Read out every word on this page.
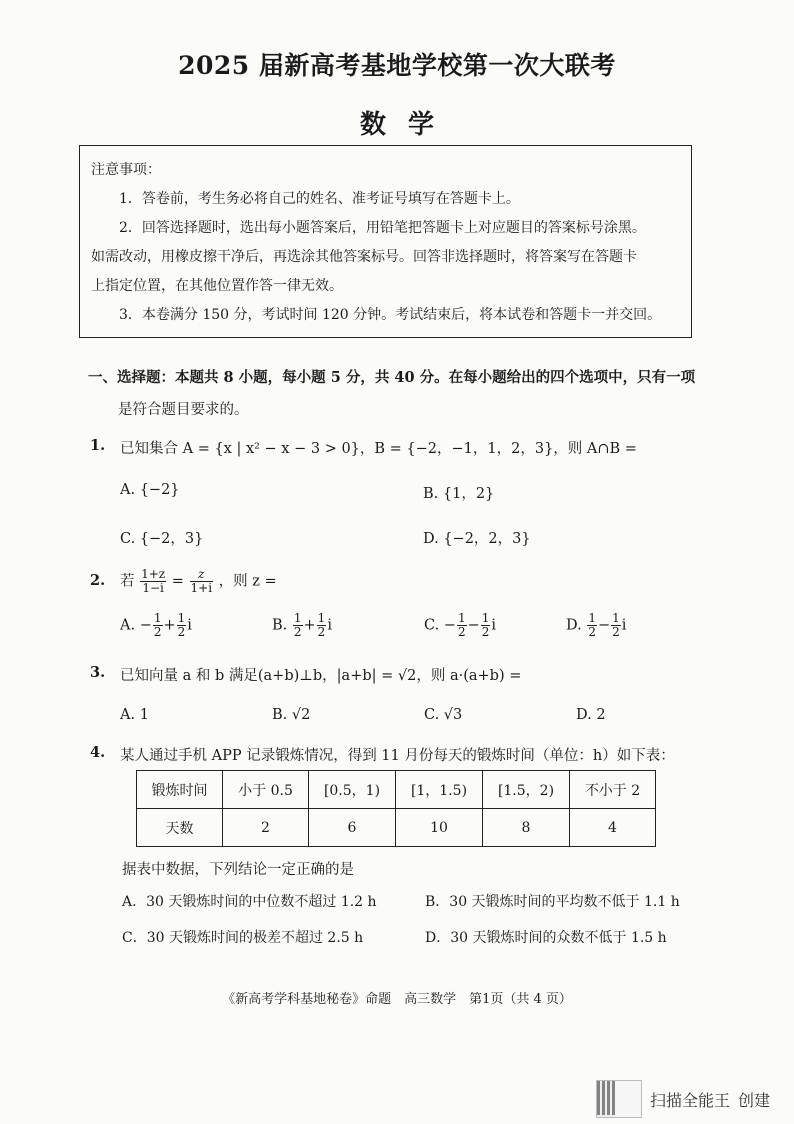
2025 届新高考基地学校第一次大联考
数学

注意事项：

1．答卷前，考生务必将自己的姓名、准考证号填写在答题卡上。

2．回答选择题时，选出每小题答案后，用铅笔把答题卡上对应题目的答案标号涂黑。

如需改动，用橡皮擦干净后，再选涂其他答案标号。回答非选择题时，将答案写在答题卡

上指定位置，在其他位置作答一律无效。

3．本卷满分 150 分，考试时间 120 分钟。考试结束后，将本试卷和答题卡一并交回。

一、选择题：本题共 8 小题，每小题 5 分，共 40 分。在每小题给出的四个选项中，只有一项
是符合题目要求的。
1. 已知集合 A = {x | x² − x − 3 > 0}，B = {−2，−1，1，2，3}，则 A∩B =
A. {−2}	B. {1，2}
C. {−2，3}	D. {−2，2，3}
2. 若 $\frac{1+z}{1-i} = \frac{z}{1+i}$ ，则 z =
A. − $\frac{1}{2} + \frac{1}{2}$ i	B. $\frac{1}{2} + \frac{1}{2}$ i	C. − $\frac{1}{2} - \frac{1}{2}$ i	D. $\frac{1}{2} - \frac{1}{2}$ i
3. 已知向量 a 和 b 满足(a+b)⊥b，|a+b| = √2，则 a·(a+b) =
A. 1	B. √2	C. √3	D. 2
4. 某人通过手机 APP 记录锻炼情况，得到 11 月份每天的锻炼时间（单位：h）如下表：
锻炼时间	小于 0.5	[0.5，1)	[1，1.5)	[1.5，2)	不小于 2
天数	2	6	10	8	4
据表中数据，下列结论一定正确的是
A．30 天锻炼时间的中位数不超过 1.2 h	B．30 天锻炼时间的平均数不低于 1.1 h
C．30 天锻炼时间的极差不超过 2.5 h	D．30 天锻炼时间的众数不低于 1.5 h
《新高考学科基地秘卷》命题　高三数学　第1页（共 4 页）
扫描全能王 创建
